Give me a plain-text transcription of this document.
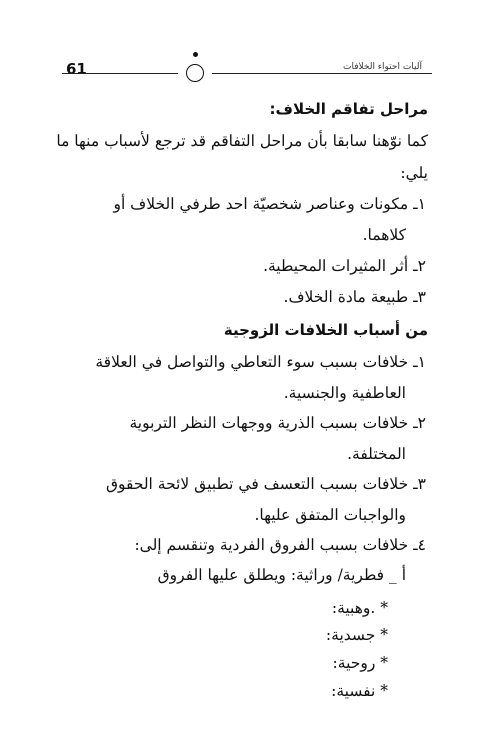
61	آليات احتواء الخلافات
مراحل تفاقم الخلاف:
كما نوّهنا سابقا بأن مراحل التفاقم قد ترجع لأسباب منها ما
يلي:
١ـ مكونات وعناصر شخصيّة احد طرفي الخلاف أو
كلاهما.
٢ـ أثر المثيرات المحيطية.
٣ـ طبيعة مادة الخلاف.
من أسباب الخلافات الزوجية
١ـ خلافات بسبب سوء التعاطي والتواصل في العلاقة
العاطفية والجنسية.
٢ـ خلافات بسبب الذرية ووجهات النظر التربوية
المختلفة.
٣ـ خلافات بسبب التعسف في تطبيق لائحة الحقوق
والواجبات المتفق عليها.
٤ـ خلافات بسبب الفروق الفردية وتنقسم إلى:
أ _ فطرية/ وراثية: ويطلق عليها الفروق
* .وهبية:
* جسدية:
* روحية:
* نفسية:
